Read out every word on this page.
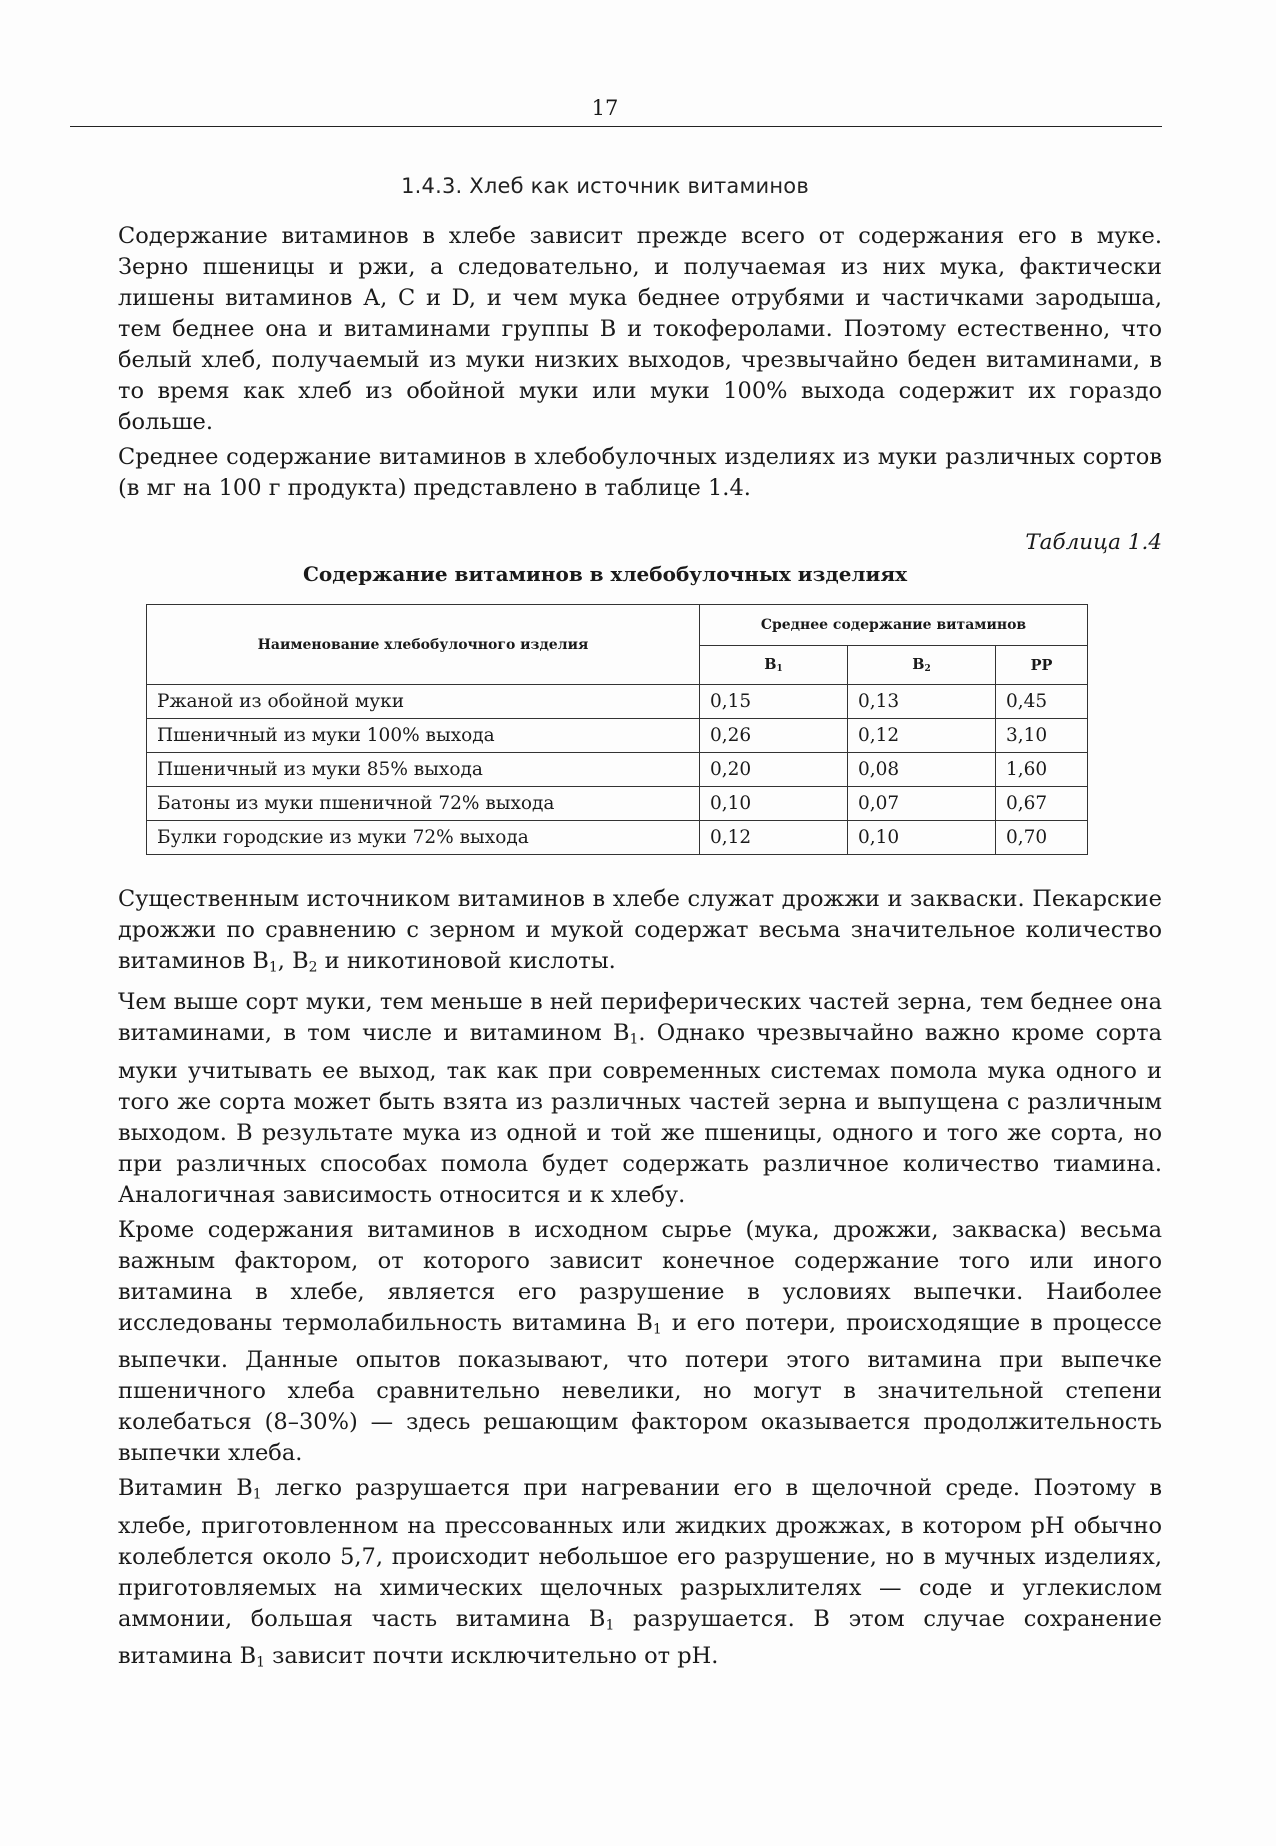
17
1.4.3. Хлеб как источник витаминов

Содержание витаминов в хлебе зависит прежде всего от содержания его в муке. Зерно пшеницы и ржи, а следовательно, и получаемая из них мука, фактически лишены витаминов А, С и D, и чем мука беднее отрубями и частичками зародыша, тем беднее она и витаминами группы В и токоферолами. Поэтому естественно, что белый хлеб, получаемый из муки низких выходов, чрезвычайно беден витаминами, в то время как хлеб из обойной муки или муки 100% выхода содержит их гораздо больше.

Среднее содержание витаминов в хлебобулочных изделиях из муки различных сортов (в мг на 100 г продукта) представлено в таблице 1.4.

Таблица 1.4
Содержание витаминов в хлебобулочных изделиях
Наименование хлебобулочного изделия	Среднее содержание витаминов		
	$В_1$	$В_2$	РР
Ржаной из обойной муки	0,15	0,13	0,45
Пшеничный из муки 100% выхода	0,26	0,12	3,10
Пшеничный из муки 85% выхода	0,20	0,08	1,60
Батоны из муки пшеничной 72% выхода	0,10	0,07	0,67
Булки городские из муки 72% выхода	0,12	0,10	0,70

Существенным источником витаминов в хлебе служат дрожжи и закваски. Пекарские дрожжи по сравнению с зерном и мукой содержат весьма значительное количество витаминов $В_1$, $В_2$ и никотиновой кислоты.

Чем выше сорт муки, тем меньше в ней периферических частей зерна, тем беднее она витаминами, в том числе и витамином $В_1$. Однако чрезвычайно важно кроме сорта муки учитывать ее выход, так как при современных системах помола мука одного и того же сорта может быть взята из различных частей зерна и выпущена с различным выходом. В результате мука из одной и той же пшеницы, одного и того же сорта, но при различных способах помола будет содержать различное количество тиамина. Аналогичная зависимость относится и к хлебу.

Кроме содержания витаминов в исходном сырье (мука, дрожжи, закваска) весьма важным фактором, от которого зависит конечное содержание того или иного витамина в хлебе, является его разрушение в условиях выпечки. Наиболее исследованы термолабильность витамина $В_1$ и его потери, происходящие в процессе выпечки. Данные опытов показывают, что потери этого витамина при выпечке пшеничного хлеба сравнительно невелики, но могут в значительной степени колебаться (8–30%) — здесь решающим фактором оказывается продолжительность выпечки хлеба.

Витамин $В_1$ легко разрушается при нагревании его в щелочной среде. Поэтому в хлебе, приготовленном на прессованных или жидких дрожжах, в котором рН обычно колеблется около 5,7, происходит небольшое его разрушение, но в мучных изделиях, приготовляемых на химических щелочных разрыхлителях — соде и углекислом аммонии, большая часть витамина $В_1$ разрушается. В этом случае сохранение витамина $В_1$ зависит почти исключительно от рН.
